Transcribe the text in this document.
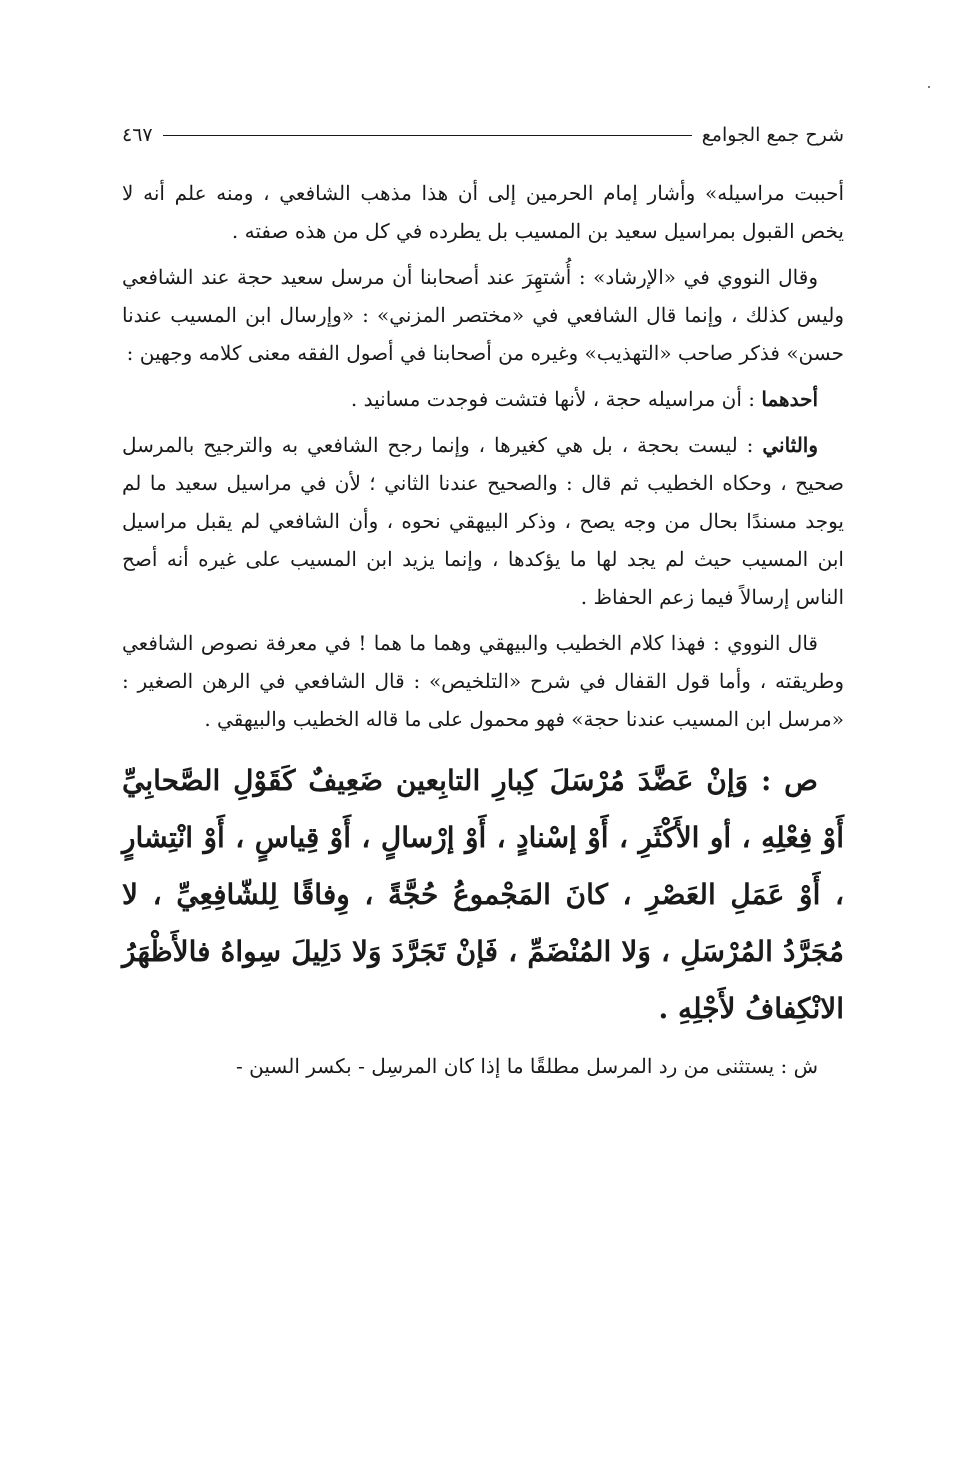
شرح جمع الجوامع
٤٦٧

أحببت مراسيله» وأشار إمام الحرمين إلى أن هذا مذهب الشافعي ، ومنه علم أنه لا يخص القبول بمراسيل سعيد بن المسيب بل يطرده في كل من هذه صفته .

وقال النووي في «الإرشاد» : أُشتهِرَ عند أصحابنا أن مرسل سعيد حجة عند الشافعي وليس كذلك ، وإنما قال الشافعي في «مختصر المزني» : «وإرسال ابن المسيب عندنا حسن» فذكر صاحب «التهذيب» وغيره من أصحابنا في أصول الفقه معنى كلامه وجهين :

أحدهما : أن مراسيله حجة ، لأنها فتشت فوجدت مسانيد .

والثاني : ليست بحجة ، بل هي كغيرها ، وإنما رجح الشافعي به والترجيح بالمرسل صحيح ، وحكاه الخطيب ثم قال : والصحيح عندنا الثاني ؛ لأن في مراسيل سعيد ما لم يوجد مسندًا بحال من وجه يصح ، وذكر البيهقي نحوه ، وأن الشافعي لم يقبل مراسيل ابن المسيب حيث لم يجد لها ما يؤكدها ، وإنما يزيد ابن المسيب على غيره أنه أصح الناس إرسالاً فيما زعم الحفاظ .

قال النووي : فهذا كلام الخطيب والبيهقي وهما ما هما ! في معرفة نصوص الشافعي وطريقته ، وأما قول القفال في شرح «التلخيص» : قال الشافعي في الرهن الصغير : «مرسل ابن المسيب عندنا حجة» فهو محمول على ما قاله الخطيب والبيهقي .

ص : وَإنْ عَضَّدَ مُرْسَلَ كِبارِ التابِعين ضَعِيفٌ كَقَوْلِ الصَّحابِيِّ أَوْ فِعْلِهِ ، أو الأَكْثَرِ ، أَوْ إسْنادٍ ، أَوْ إرْسالٍ ، أَوْ قِياسٍ ، أَوْ انْتِشارٍ ، أَوْ عَمَلِ العَصْرِ ، كانَ المَجْموعُ حُجَّةً ، وِفاقًا لِلشّافِعِيِّ ، لا مُجَرَّدُ المُرْسَلِ ، وَلا المُنْضَمِّ ، فَإنْ تَجَرَّدَ وَلا دَلِيلَ سِواهُ فالأَظْهَرُ الانْكِفافُ لأَجْلِهِ .

ش : يستثنى من رد المرسل مطلقًا ما إذا كان المرسِل - بكسر السين -
